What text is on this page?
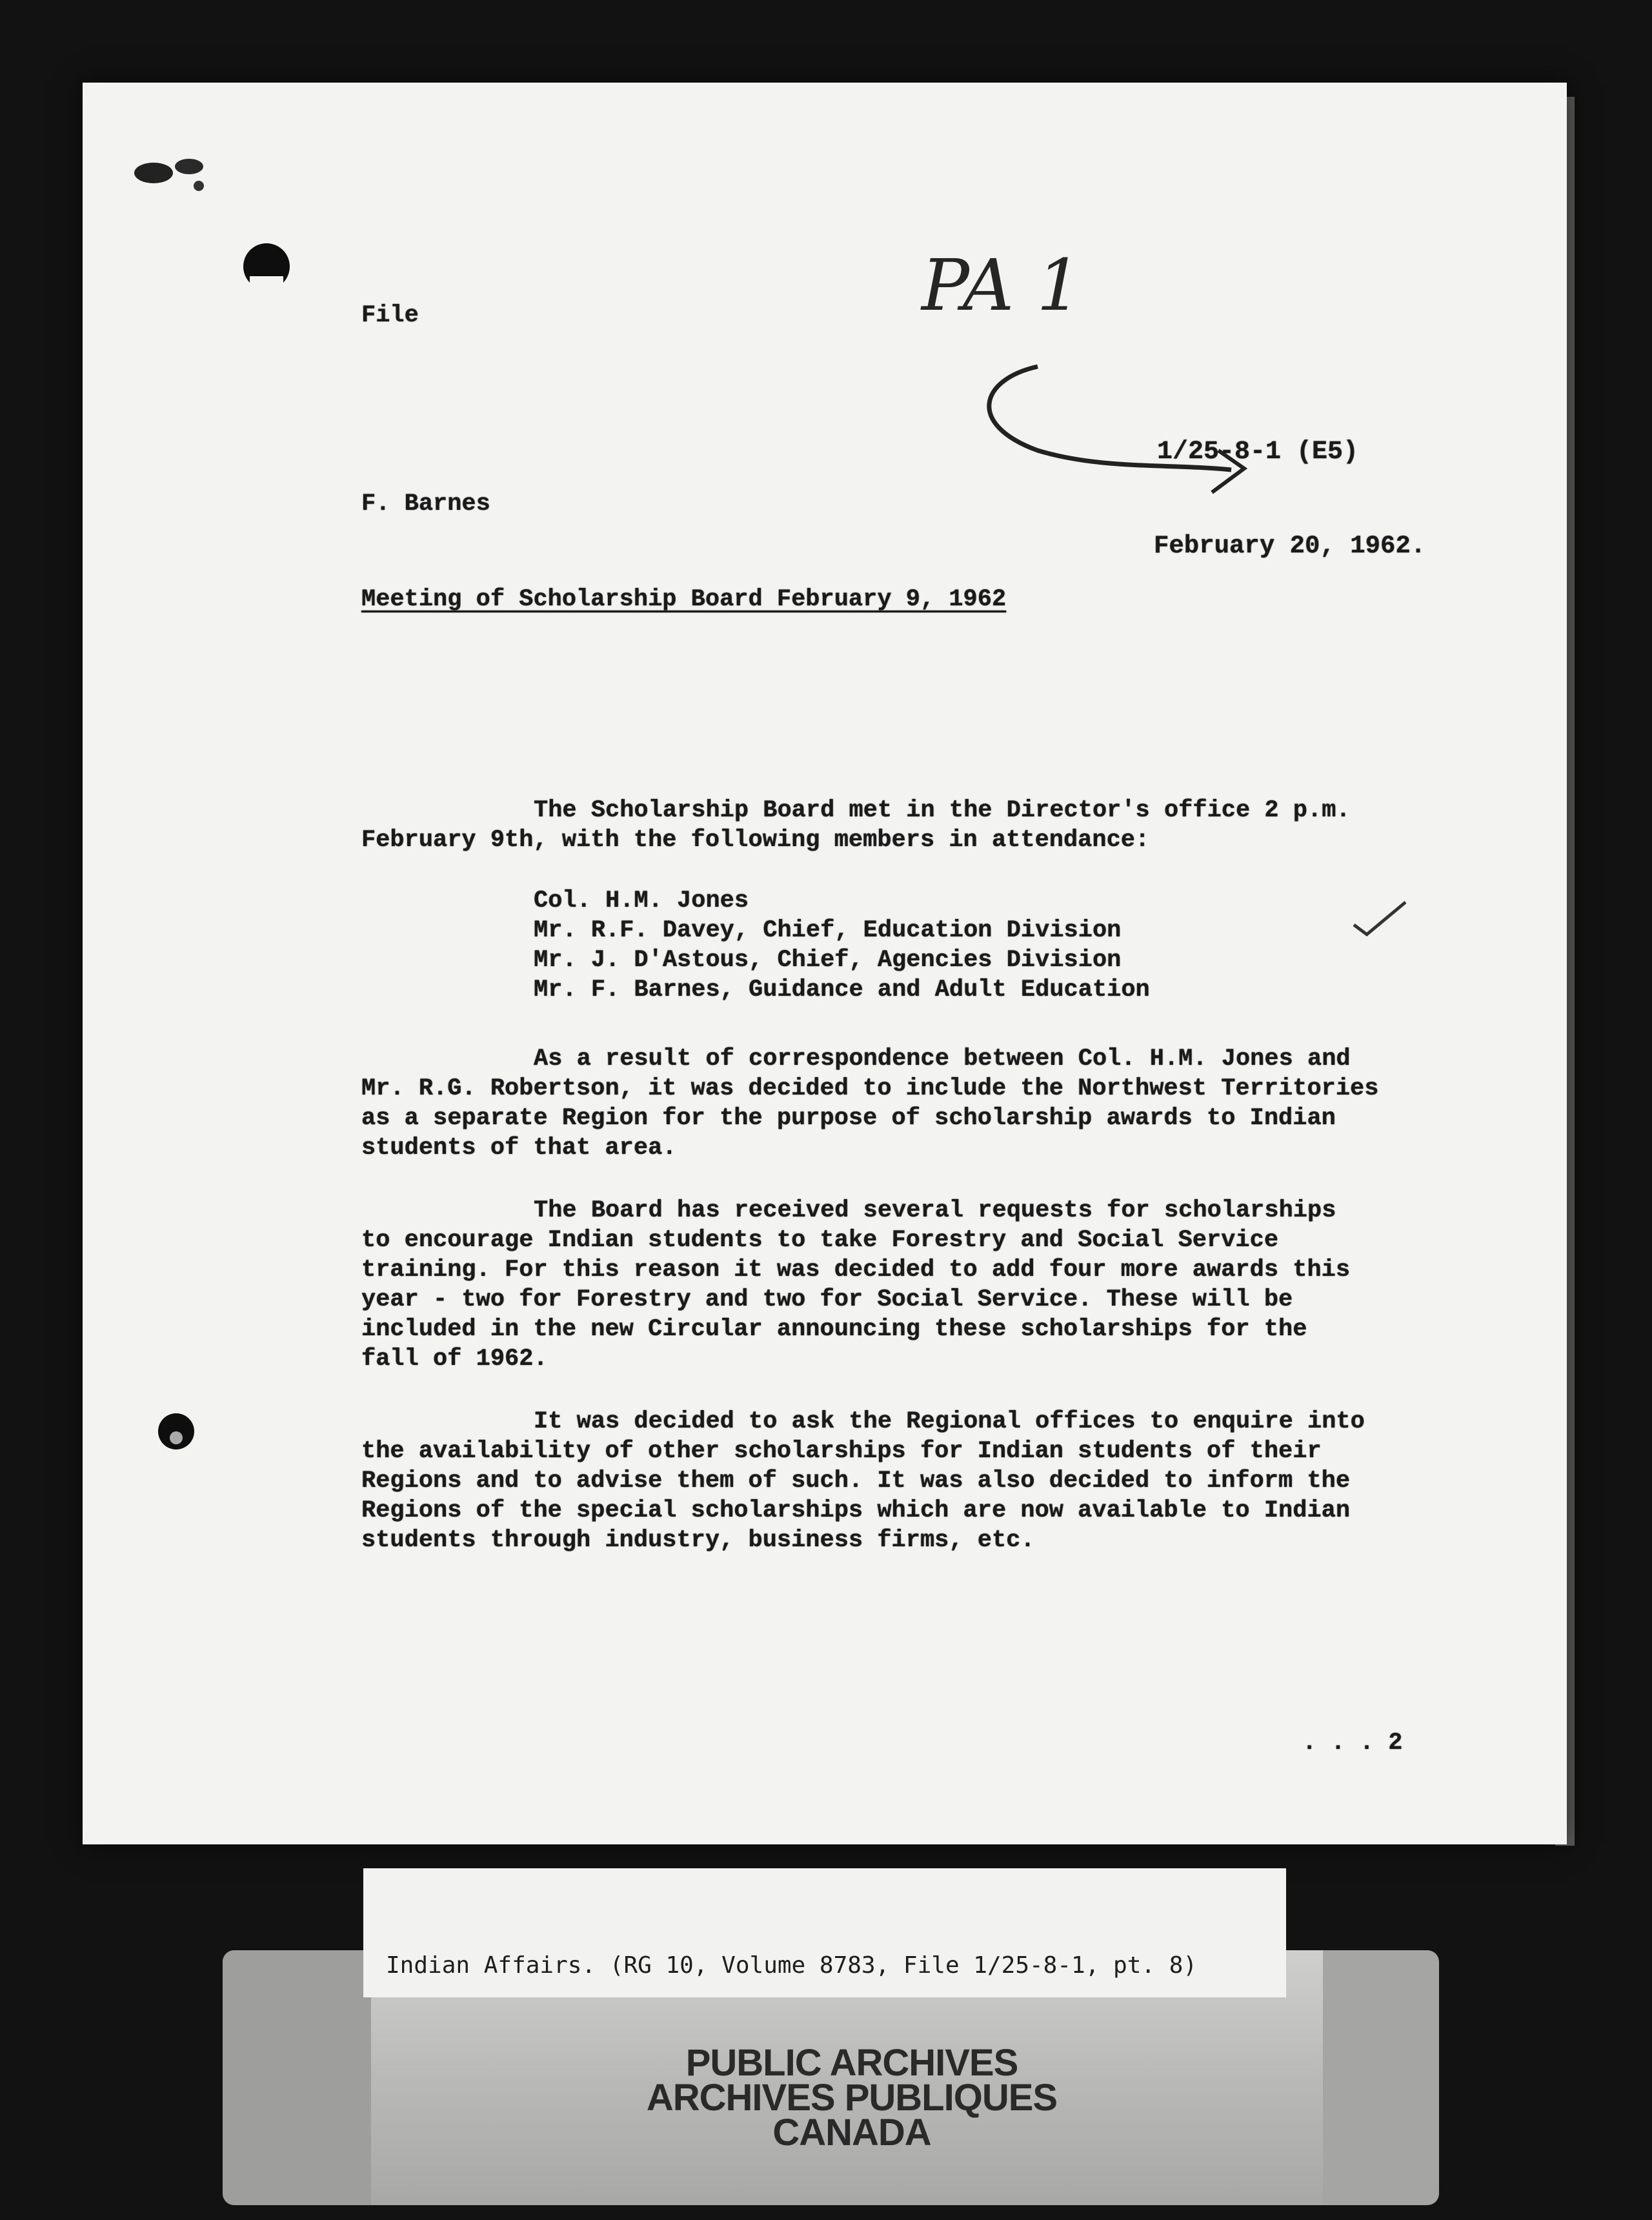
File	PA 1
1/25-8-1 (E5)
F. Barnes
February 20, 1962.
Meeting of Scholarship Board February 9, 1962
The Scholarship Board met in the Director's office 2 p.m.
February 9th, with the following members in attendance:
Col. H.M. Jones
Mr. R.F. Davey, Chief, Education Division
Mr. J. D'Astous, Chief, Agencies Division
Mr. F. Barnes, Guidance and Adult Education
As a result of correspondence between Col. H.M. Jones and
Mr. R.G. Robertson, it was decided to include the Northwest Territories
as a separate Region for the purpose of scholarship awards to Indian
students of that area.
The Board has received several requests for scholarships
to encourage Indian students to take Forestry and Social Service
training. For this reason it was decided to add four more awards this
year - two for Forestry and two for Social Service. These will be
included in the new Circular announcing these scholarships for the
fall of 1962.
It was decided to ask the Regional offices to enquire into
the availability of other scholarships for Indian students of their
Regions and to advise them of such. It was also decided to inform the
Regions of the special scholarships which are now available to Indian
students through industry, business firms, etc.
. . . 2
Indian Affairs. (RG 10, Volume 8783, File 1/25-8-1, pt. 8)
PUBLIC ARCHIVES
ARCHIVES PUBLIQUES
CANADA
